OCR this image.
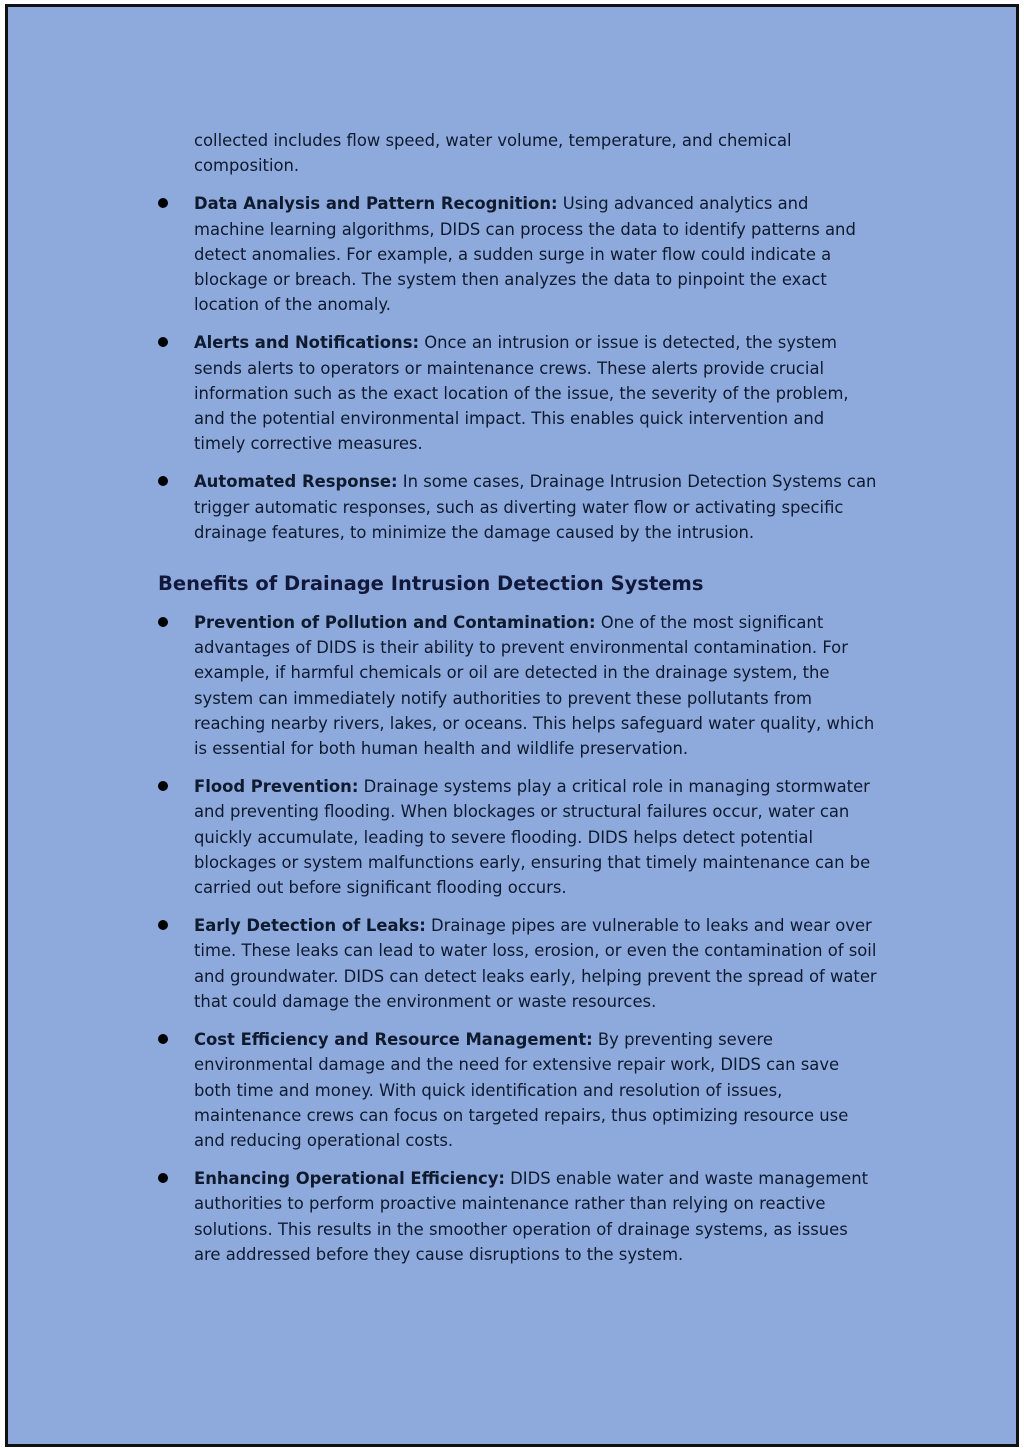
collected includes flow speed, water volume, temperature, and chemical composition.

Data Analysis and Pattern Recognition: Using advanced analytics and machine learning algorithms, DIDS can process the data to identify patterns and detect anomalies. For example, a sudden surge in water flow could indicate a blockage or breach. The system then analyzes the data to pinpoint the exact location of the anomaly.
Alerts and Notifications: Once an intrusion or issue is detected, the system sends alerts to operators or maintenance crews. These alerts provide crucial information such as the exact location of the issue, the severity of the problem, and the potential environmental impact. This enables quick intervention and timely corrective measures.
Automated Response: In some cases, Drainage Intrusion Detection Systems can trigger automatic responses, such as diverting water flow or activating specific drainage features, to minimize the damage caused by the intrusion.
Benefits of Drainage Intrusion Detection Systems
Prevention of Pollution and Contamination: One of the most significant advantages of DIDS is their ability to prevent environmental contamination. For example, if harmful chemicals or oil are detected in the drainage system, the system can immediately notify authorities to prevent these pollutants from reaching nearby rivers, lakes, or oceans. This helps safeguard water quality, which is essential for both human health and wildlife preservation.
Flood Prevention: Drainage systems play a critical role in managing stormwater and preventing flooding. When blockages or structural failures occur, water can quickly accumulate, leading to severe flooding. DIDS helps detect potential blockages or system malfunctions early, ensuring that timely maintenance can be carried out before significant flooding occurs.
Early Detection of Leaks: Drainage pipes are vulnerable to leaks and wear over time. These leaks can lead to water loss, erosion, or even the contamination of soil and groundwater. DIDS can detect leaks early, helping prevent the spread of water that could damage the environment or waste resources.
Cost Efficiency and Resource Management: By preventing severe environmental damage and the need for extensive repair work, DIDS can save both time and money. With quick identification and resolution of issues, maintenance crews can focus on targeted repairs, thus optimizing resource use and reducing operational costs.
Enhancing Operational Efficiency: DIDS enable water and waste management authorities to perform proactive maintenance rather than relying on reactive solutions. This results in the smoother operation of drainage systems, as issues are addressed before they cause disruptions to the system.
